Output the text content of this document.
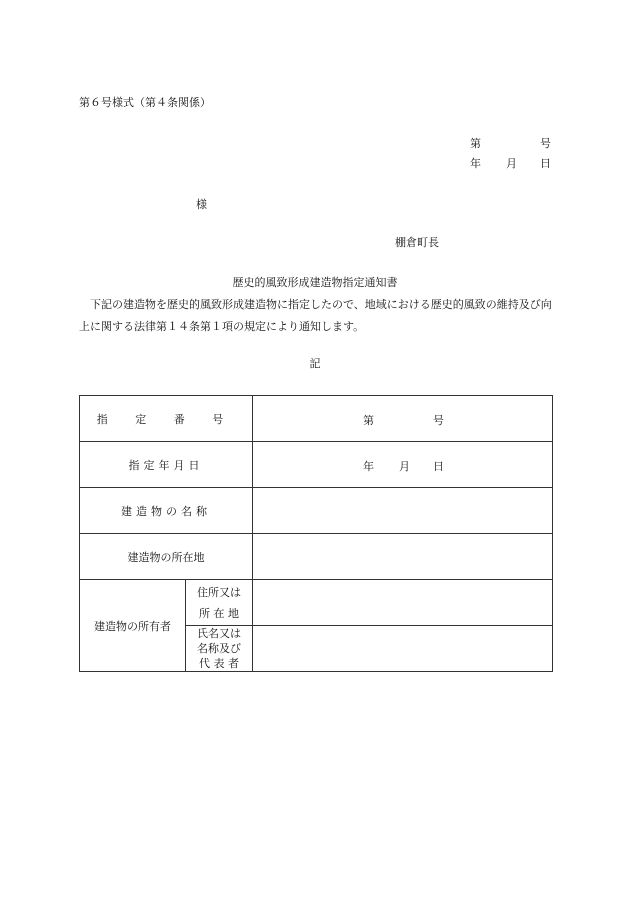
第６号様式（第４条関係）
第	号
年 月 日
様
棚倉町長
歴史的風致形成建造物指定通知書
　下記の建造物を歴史的風致形成建造物に指定したので、地域における歴史的風致の維持及び向上に関する法律第１４条第１項の規定により通知します。
記
指 定 番 号		第 号

指定年月日		年 月 日

建造物の名称		
建造物の所在地		
建造物の所有者	住所又は
所 在 地	

	氏名又は
名称及び
代 表 者	
